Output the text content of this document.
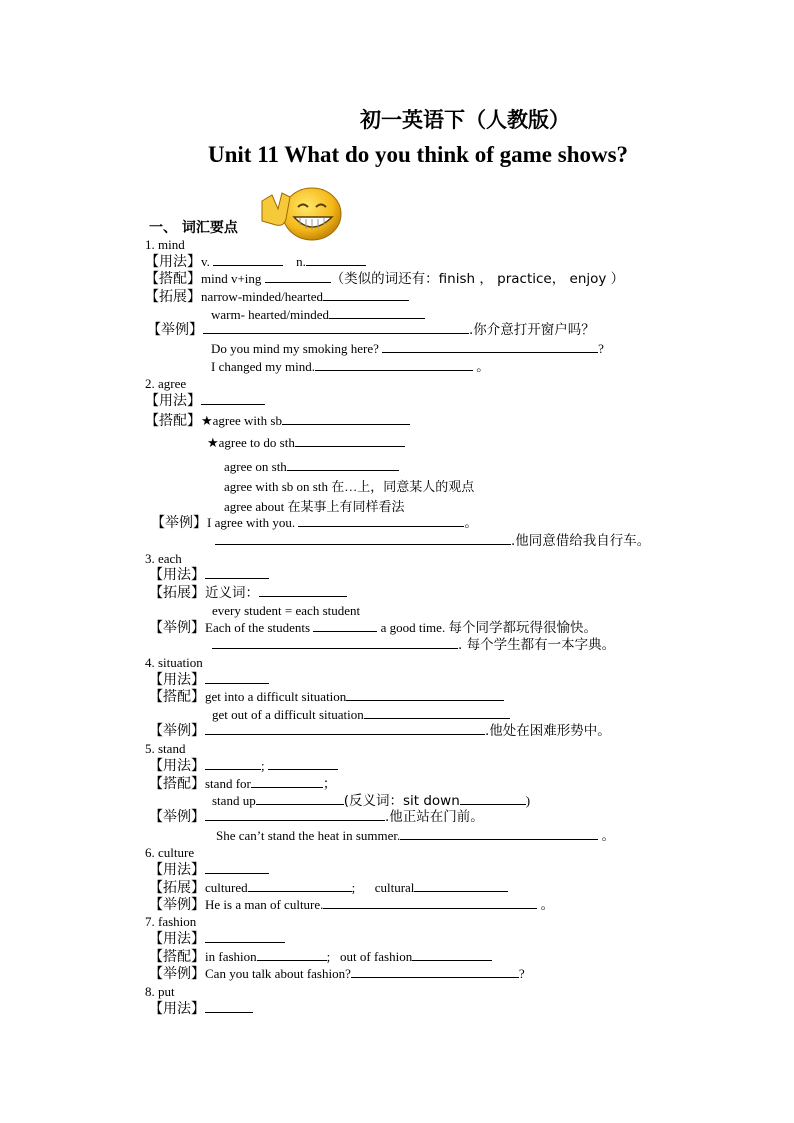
初一英语下（人教版）
Unit 11 What do you think of game shows?
一、 词汇要点
1. mind
【用法】v.	n.
【搭配】mind v+ing	（类似的词还有：finish ， practice， enjoy ）
【拓展】narrow-minded/hearted
warm- hearted/minded
【举例】	.你介意打开窗户吗？
Do you mind my smoking here?	?
I changed my mind.	。
2. agree
【用法】
【搭配】★agree with sb
★agree to do sth
agree on sth
agree with sb on sth 在…上，同意某人的观点
agree about 在某事上有同样看法
【举例】I agree with you.	。
.他同意借给我自行车。
3. each
【用法】
【拓展】近义词：
every student = each student
【举例】Each of the students	a good time. 每个同学都玩得很愉快。
. 每个学生都有一本字典。
4. situation
【用法】
【搭配】get into a difficult situation
get out of a difficult situation
【举例】	.他处在困难形势中。
5. stand
【用法】	;
【搭配】stand for	；
stand up	(反义词：sit down	)
【举例】	.他正站在门前。
She can’t stand the heat in summer.	。
6. culture
【用法】
【拓展】cultured	; cultural
【举例】He is a man of culture.	。
7. fashion
【用法】
【搭配】in fashion	; out of fashion
【举例】Can you talk about fashion?	?
8. put
【用法】
